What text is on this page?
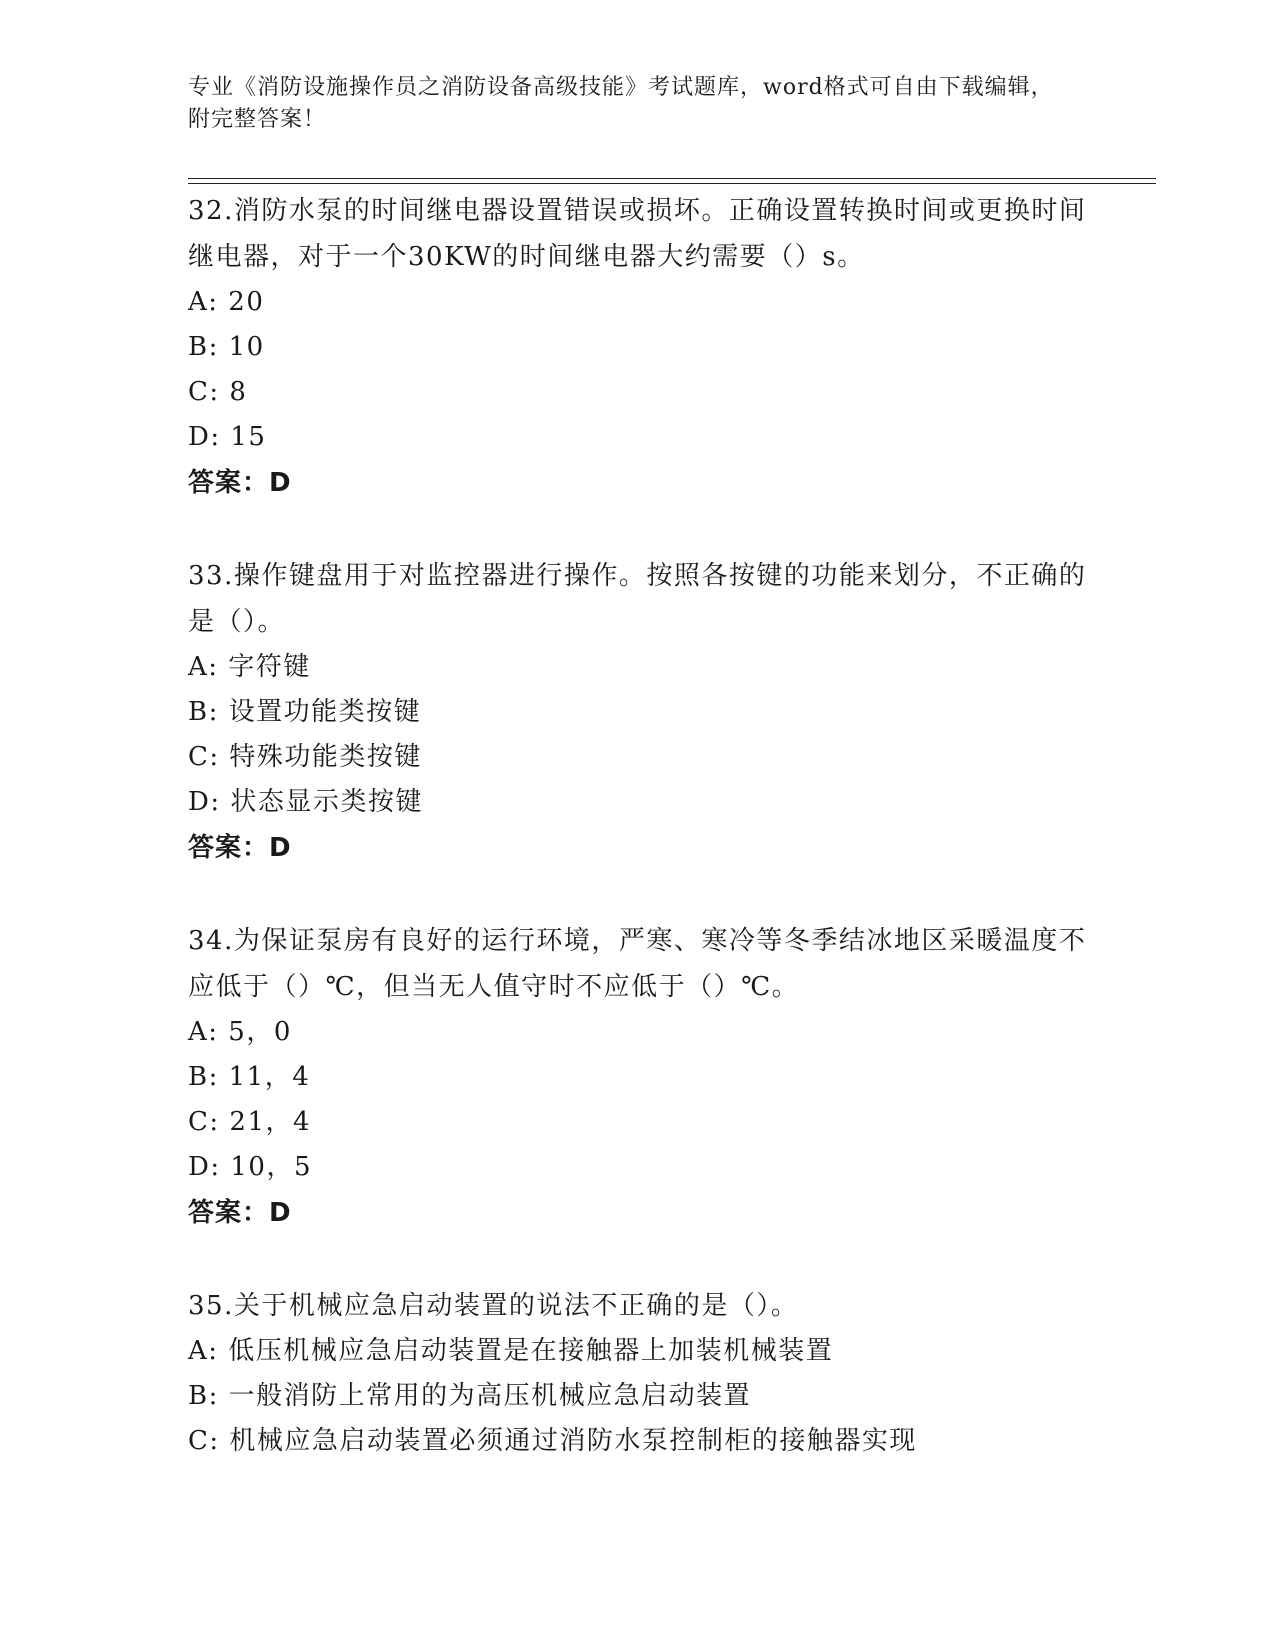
专业《消防设施操作员之消防设备高级技能》考试题库，word格式可自由下载编辑，附完整答案！
32.消防水泵的时间继电器设置错误或损坏。正确设置转换时间或更换时间继电器，对于一个30KW的时间继电器大约需要（）s。
A: 20
B: 10
C: 8
D: 15
答案：D
33.操作键盘用于对监控器进行操作。按照各按键的功能来划分，不正确的是（）。
A: 字符键
B: 设置功能类按键
C: 特殊功能类按键
D: 状态显示类按键
答案：D
34.为保证泵房有良好的运行环境，严寒、寒冷等冬季结冰地区采暖温度不应低于（）℃，但当无人值守时不应低于（）℃。
A: 5，0
B: 11，4
C: 21，4
D: 10，5
答案：D
35.关于机械应急启动装置的说法不正确的是（）。
A: 低压机械应急启动装置是在接触器上加装机械装置
B: 一般消防上常用的为高压机械应急启动装置
C: 机械应急启动装置必须通过消防水泵控制柜的接触器实现
